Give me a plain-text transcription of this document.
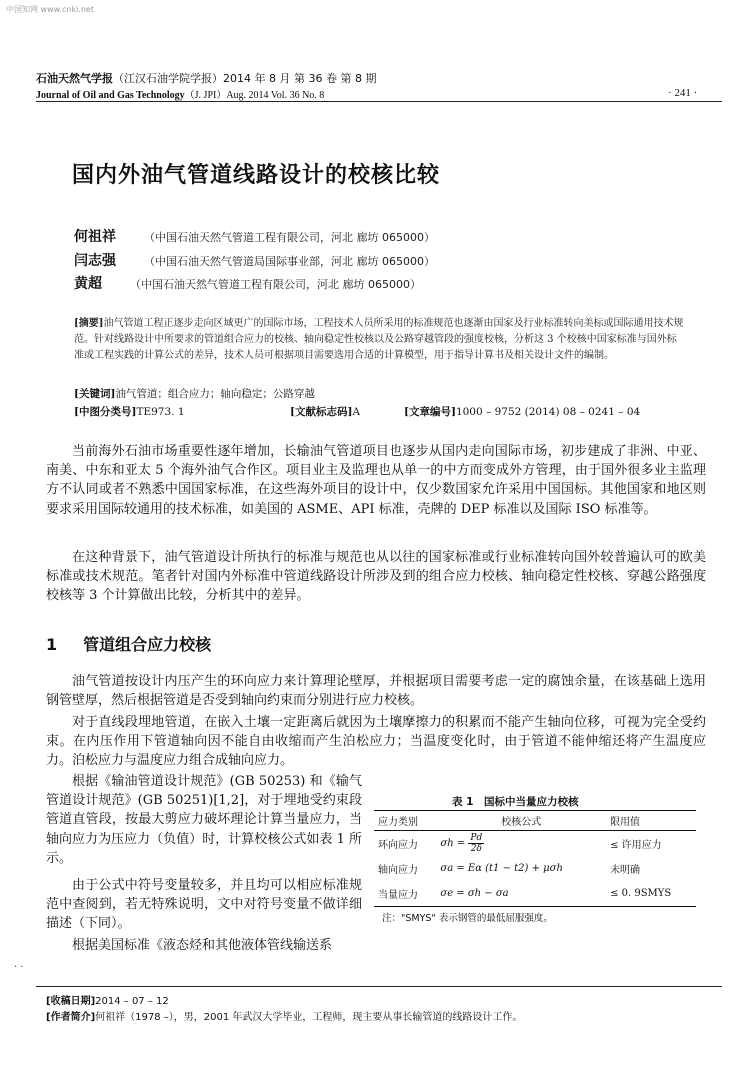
中国知网 www.cnki.net
石油天然气学报（江汉石油学院学报）2014 年 8 月 第 36 卷 第 8 期
Journal of Oil and Gas Technology（J. JPI）Aug. 2014 Vol. 36 No. 8	· 241 ·
国内外油气管道线路设计的校核比较
何祖祥	（中国石油天然气管道工程有限公司，河北 廊坊 065000）
闫志强	（中国石油天然气管道局国际事业部，河北 廊坊 065000）
黄超	（中国石油天然气管道工程有限公司，河北 廊坊 065000）
[摘要]油气管道工程正逐步走向区域更广的国际市场，工程技术人员所采用的标准规范也逐渐由国家及行业标准转向美标或国际通用技术规范。针对线路设计中所要求的管道组合应力的校核、轴向稳定性校核以及公路穿越管段的强度校核，分析这 3 个校核中国家标准与国外标准或工程实践的计算公式的差异，技术人员可根据项目需要选用合适的计算模型，用于指导计算书及相关设计文件的编制。
[关键词]油气管道；组合应力；轴向稳定；公路穿越
[中图分类号]TE973. 1	[文献标志码]A	[文章编号]1000 – 9752 (2014) 08 – 0241 – 04
当前海外石油市场重要性逐年增加，长输油气管道项目也逐步从国内走向国际市场，初步建成了非洲、中亚、南美、中东和亚太 5 个海外油气合作区。项目业主及监理也从单一的中方而变成外方管理，由于国外很多业主监理方不认同或者不熟悉中国国家标准，在这些海外项目的设计中，仅少数国家允许采用中国国标。其他国家和地区则要求采用国际较通用的技术标准，如美国的 ASME、API 标准，壳牌的 DEP 标准以及国际 ISO 标准等。
在这种背景下，油气管道设计所执行的标准与规范也从以往的国家标准或行业标准转向国外较普遍认可的欧美标准或技术规范。笔者针对国内外标准中管道线路设计所涉及到的组合应力校核、轴向稳定性校核、穿越公路强度校核等 3 个计算做出比较，分析其中的差异。
1 管道组合应力校核
油气管道按设计内压产生的环向应力来计算理论壁厚，并根据项目需要考虑一定的腐蚀余量，在该基础上选用钢管壁厚，然后根据管道是否受到轴向约束而分别进行应力校核。
对于直线段埋地管道，在嵌入土壤一定距离后就因为土壤摩擦力的积累而不能产生轴向位移，可视为完全受约束。在内压作用下管道轴向因不能自由收缩而产生泊松应力；当温度变化时，由于管道不能伸缩还将产生温度应力。泊松应力与温度应力组合成轴向应力。
根据《输油管道设计规范》(GB 50253) 和《输气管道设计规范》(GB 50251)[1,2]，对于埋地受约束段管道直管段，按最大剪应力破坏理论计算当量应力，当轴向应力为压应力（负值）时，计算校核公式如表 1 所示。
由于公式中符号变量较多，并且均可以相应标准规范中查阅到，若无特殊说明，文中对符号变量不做详细描述（下同）。
根据美国标准《液态烃和其他液体管线输送系
表 1　国标中当量应力校核
应力类别	校核公式	限用值
环向应力	$\sigma h = \frac{Pd}{2\delta}$	≤ 许用应力
轴向应力	σa = Eα (t1 − t2) + μσh	未明确
当量应力	σe = σh − σa	≤ 0. 9SMYS
注："SMYS" 表示钢管的最低屈服强度。
· ·
[收稿日期]2014 – 07 – 12
[作者简介]何祖祥（1978 –），男，2001 年武汉大学毕业，工程师，现主要从事长输管道的线路设计工作。
